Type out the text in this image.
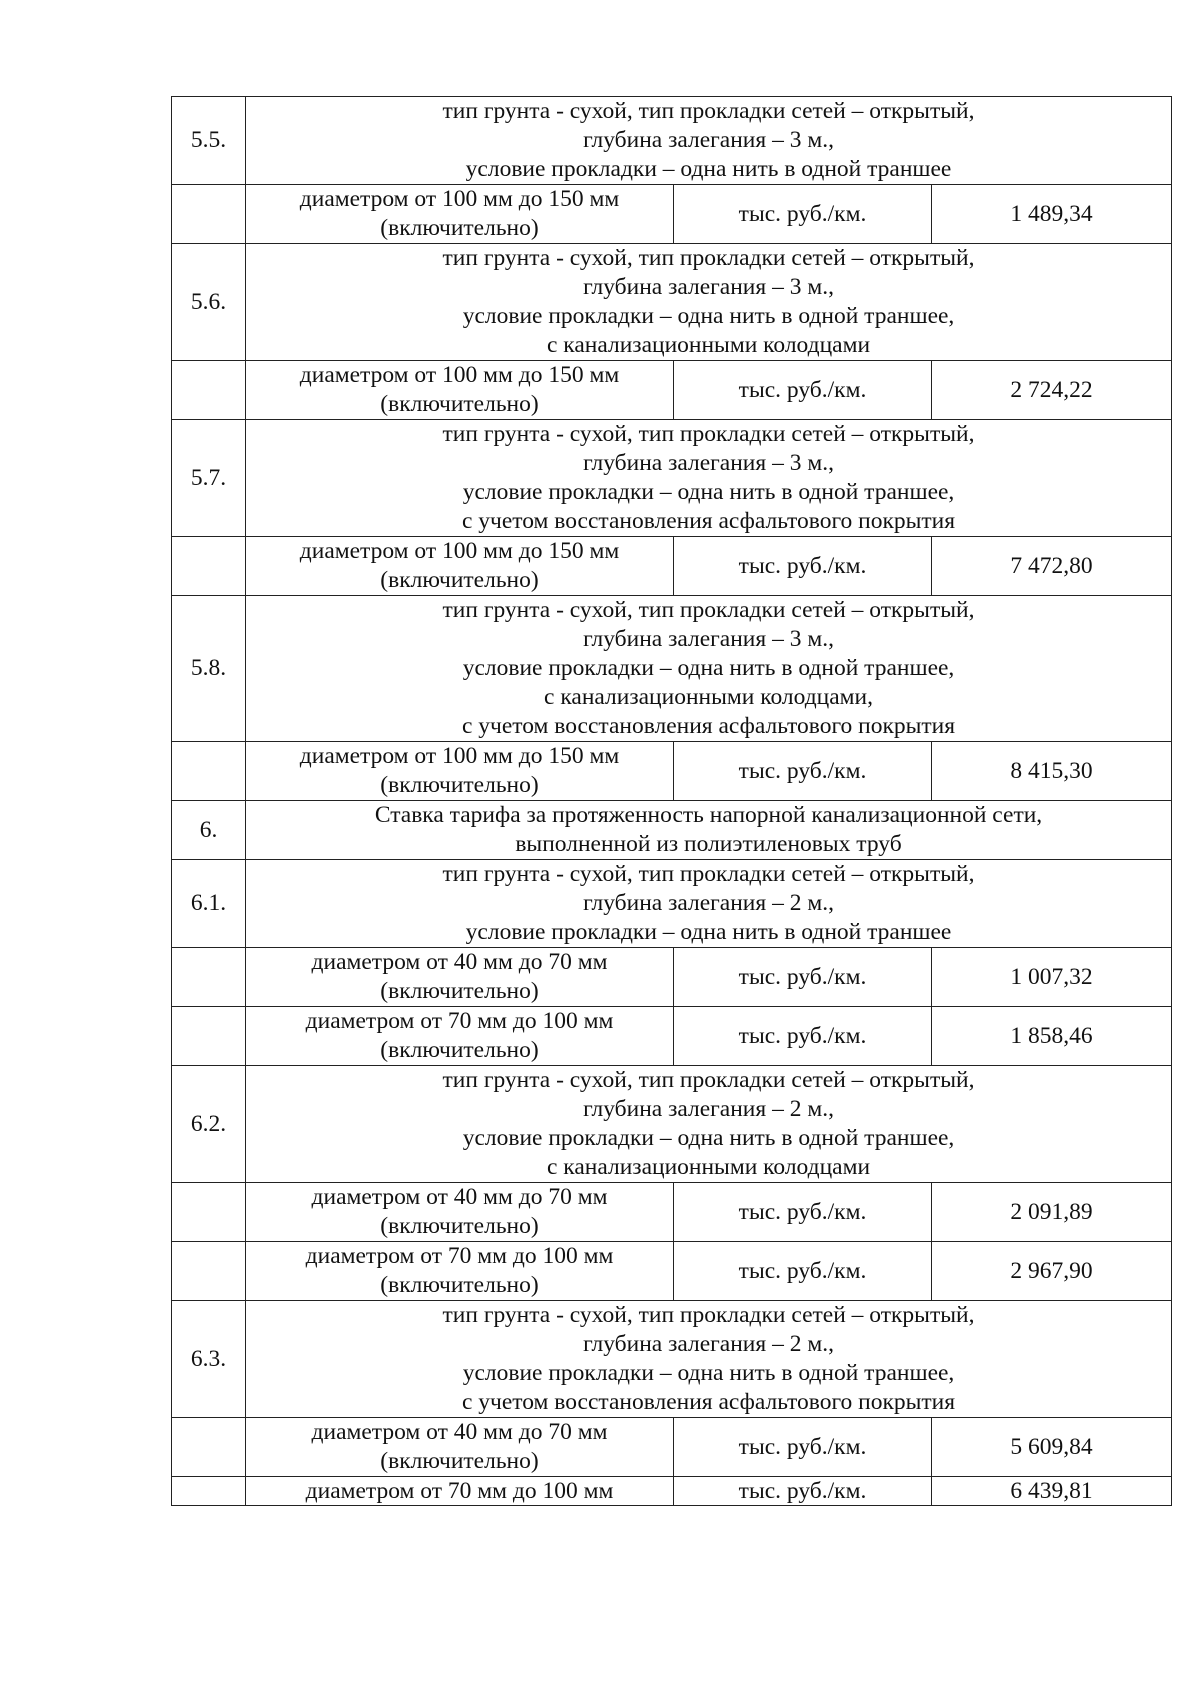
5.5.	тип грунта - сухой, тип прокладки сетей – открытый,
глубина залегания – 3 м.,
условие прокладки – одна нить в одной траншее		

	диаметром от 100 мм до 150 мм
(включительно)	тыс. руб./км.	1 489,34
5.6.	тип грунта - сухой, тип прокладки сетей – открытый,
глубина залегания – 3 м.,
условие прокладки – одна нить в одной траншее,
с канализационными колодцами		

	диаметром от 100 мм до 150 мм
(включительно)	тыс. руб./км.	2 724,22
5.7.	тип грунта - сухой, тип прокладки сетей – открытый,
глубина залегания – 3 м.,
условие прокладки – одна нить в одной траншее,
с учетом восстановления асфальтового покрытия		

	диаметром от 100 мм до 150 мм
(включительно)	тыс. руб./км.	7 472,80
5.8.	тип грунта - сухой, тип прокладки сетей – открытый,
глубина залегания – 3 м.,
условие прокладки – одна нить в одной траншее,
с канализационными колодцами,
с учетом восстановления асфальтового покрытия		

	диаметром от 100 мм до 150 мм
(включительно)	тыс. руб./км.	8 415,30
6.	Ставка тарифа за протяженность напорной канализационной сети,
выполненной из полиэтиленовых труб		

6.1.	тип грунта - сухой, тип прокладки сетей – открытый,
глубина залегания – 2 м.,
условие прокладки – одна нить в одной траншее		

	диаметром от 40 мм до 70 мм
(включительно)	тыс. руб./км.	1 007,32

	диаметром от 70 мм до 100 мм
(включительно)	тыс. руб./км.	1 858,46
6.2.	тип грунта - сухой, тип прокладки сетей – открытый,
глубина залегания – 2 м.,
условие прокладки – одна нить в одной траншее,
с канализационными колодцами		

	диаметром от 40 мм до 70 мм
(включительно)	тыс. руб./км.	2 091,89

	диаметром от 70 мм до 100 мм
(включительно)	тыс. руб./км.	2 967,90
6.3.	тип грунта - сухой, тип прокладки сетей – открытый,
глубина залегания – 2 м.,
условие прокладки – одна нить в одной траншее,
с учетом восстановления асфальтового покрытия		

	диаметром от 40 мм до 70 мм
(включительно)	тыс. руб./км.	5 609,84

	диаметром от 70 мм до 100 мм	тыс. руб./км.	6 439,81
